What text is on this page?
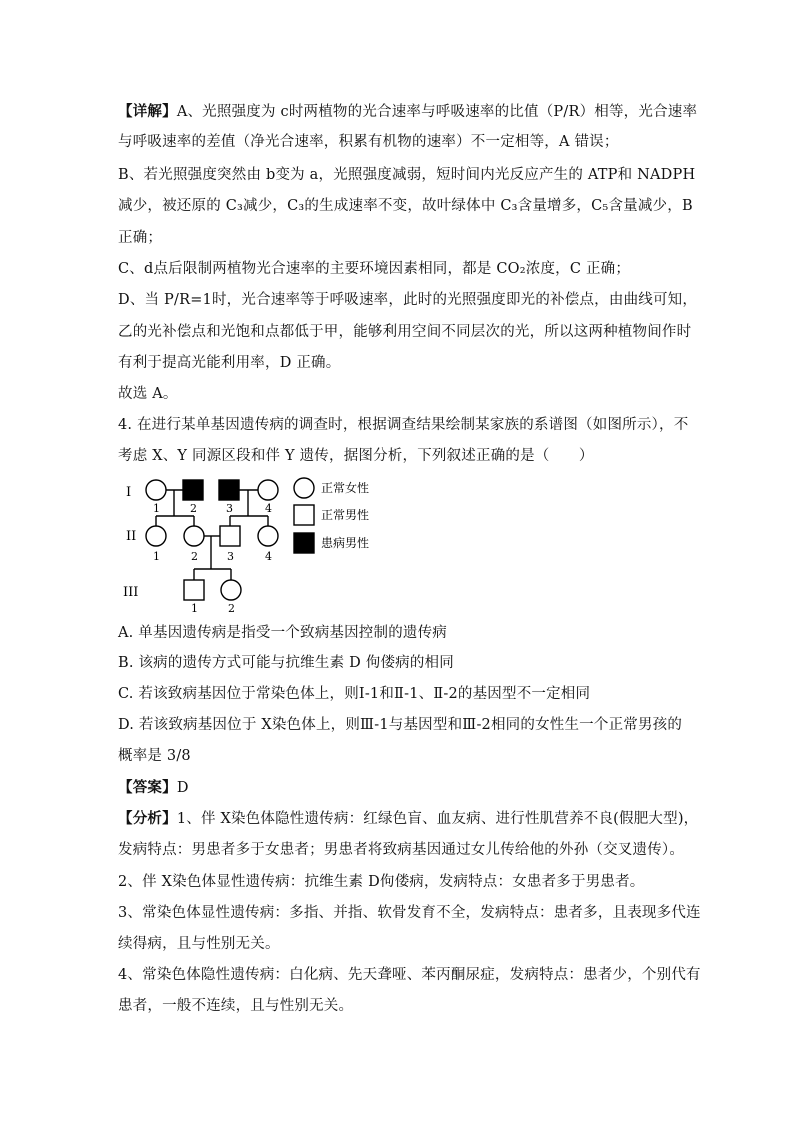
【详解】A、光照强度为 c时两植物的光合速率与呼吸速率的比值（P/R）相等，光合速率
与呼吸速率的差值（净光合速率，积累有机物的速率）不一定相等，A 错误；
B、若光照强度突然由 b变为 a，光照强度减弱，短时间内光反应产生的 ATP和 NADPH
减少，被还原的 C₃减少，C₃的生成速率不变，故叶绿体中 C₃含量增多，C₅含量减少，B
正确；
C、d点后限制两植物光合速率的主要环境因素相同，都是 CO₂浓度，C 正确；
D、当 P/R=1时，光合速率等于呼吸速率，此时的光照强度即光的补偿点，由曲线可知，
乙的光补偿点和光饱和点都低于甲，能够利用空间不同层次的光，所以这两种植物间作时
有利于提高光能利用率，D 正确。
故选 A。
4. 在进行某单基因遗传病的调查时，根据调查结果绘制某家族的系谱图（如图所示），不
考虑 X、Y 同源区段和伴 Y 遗传，据图分析，下列叙述正确的是（　　）
I
II
III
1	2	3	4
1	2	3	4
1	2
正常女性
正常男性
患病男性
A. 单基因遗传病是指受一个致病基因控制的遗传病
B. 该病的遗传方式可能与抗维生素 D 佝偻病的相同
C. 若该致病基因位于常染色体上，则Ⅰ-1和Ⅱ-1、Ⅱ-2的基因型不一定相同
D. 若该致病基因位于 X染色体上，则Ⅲ-1与基因型和Ⅲ-2相同的女性生一个正常男孩的
概率是 3/8
【答案】D
【分析】1、伴 X染色体隐性遗传病：红绿色盲、血友病、进行性肌营养不良(假肥大型)，
发病特点：男患者多于女患者；男患者将致病基因通过女儿传给他的外孙（交叉遗传）。
2、伴 X染色体显性遗传病：抗维生素 D佝偻病，发病特点：女患者多于男患者。
3、常染色体显性遗传病：多指、并指、软骨发育不全，发病特点：患者多，且表现多代连
续得病，且与性别无关。
4、常染色体隐性遗传病：白化病、先天聋哑、苯丙酮尿症，发病特点：患者少，个别代有
患者，一般不连续，且与性别无关。
